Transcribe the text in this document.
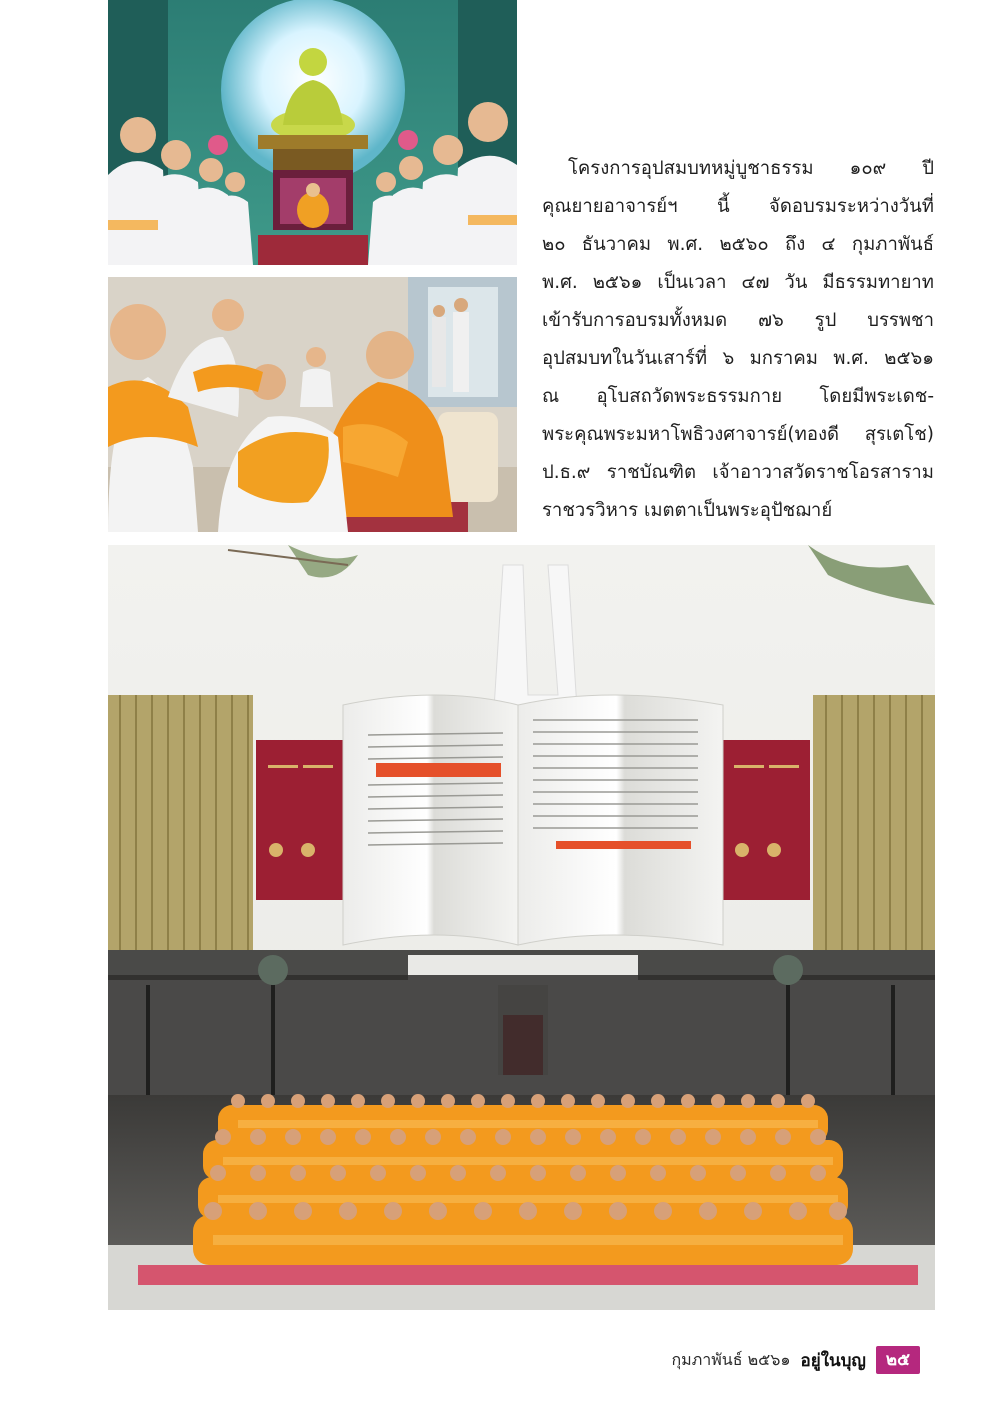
โครงการอุปสมบทหมู่บูชาธรรม ๑๐๙ ปี
คุณยายอาจารย์ฯ นี้ จัดอบรมระหว่างวันที่
๒๐ ธันวาคม พ.ศ. ๒๕๖๐ ถึง ๔ กุมภาพันธ์
พ.ศ. ๒๕๖๑ เป็นเวลา ๔๗ วัน มีธรรมทายาท
เข้ารับการอบรมทั้งหมด ๗๖ รูป บรรพชา
อุปสมบทในวันเสาร์ที่ ๖ มกราคม พ.ศ. ๒๕๖๑
ณ อุโบสถวัดพระธรรมกาย โดยมีพระเดช-
พระคุณพระมหาโพธิวงศาจารย์(ทองดี สุรเตโช)
ป.ธ.๙ ราชบัณฑิต เจ้าอาวาสวัดราชโอรสาราม
ราชวรวิหาร เมตตาเป็นพระอุปัชฌาย์
กุมภาพันธ์ ๒๕๖๑ อยู่ในบุญ	๒๕
